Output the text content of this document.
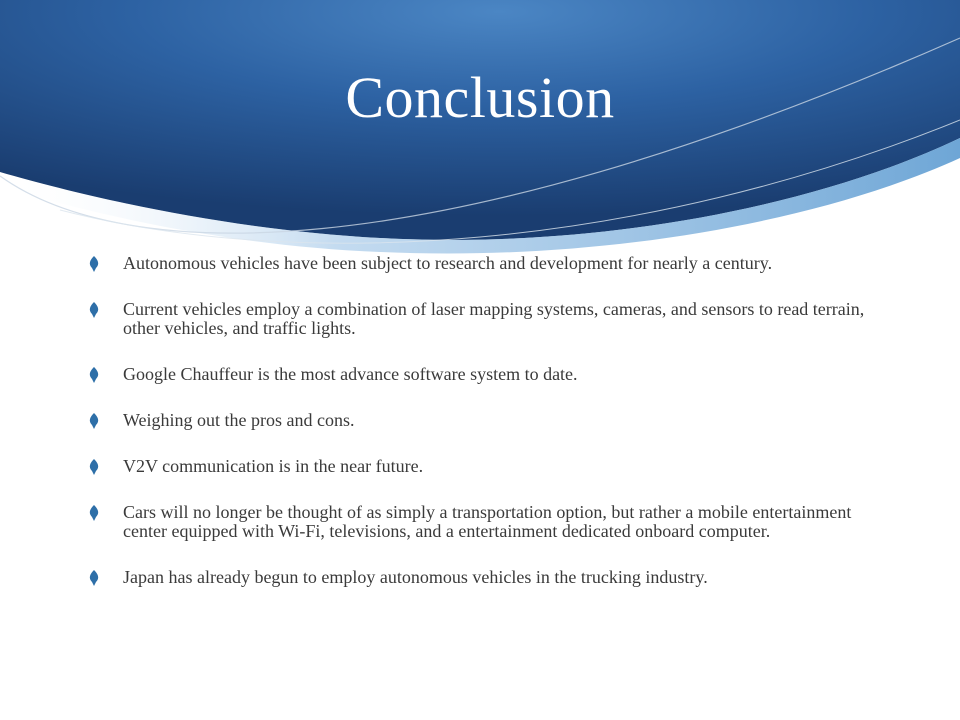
Conclusion
Autonomous vehicles have been subject to research and development for nearly a century.
Current vehicles employ a combination of laser mapping systems, cameras, and sensors to read terrain, other vehicles, and traffic lights.
Google Chauffeur is the most advance software system to date.
Weighing out the pros and cons.
V2V communication is in the near future.
Cars will no longer be thought of as simply a transportation option, but rather a mobile entertainment center equipped with Wi-Fi, televisions, and a entertainment dedicated onboard computer.
Japan has already begun to employ autonomous vehicles in the trucking industry.
